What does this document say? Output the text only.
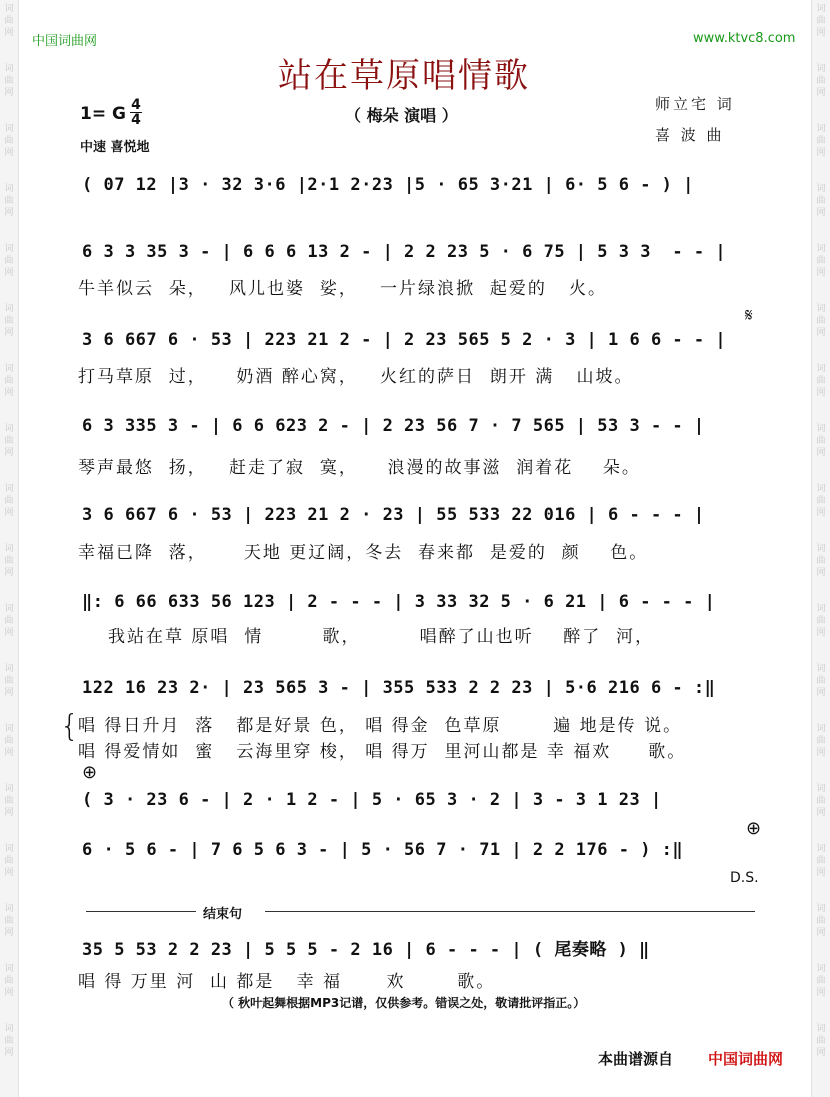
中国词曲网	www.ktvc8.com
站在草原唱情歌
（ 梅朵 演唱 ）
师立宅 词
喜 波 曲
1= G 4
4
中速 喜悦地
( 07 12 |3 · 32 3·6 |2·1 2·23 |5 · 65 3·21 | 6· 5 6 - ) |
6 3 3 35 3 - | 6 6 6 13 2 - | 2 2 23 5 · 6 75 | 5 3 3  - - |
牛羊似云  朵，   风儿也婆  娑，   一片绿浪掀  起爱的   火。
3 6 667 6 · 53 | 223 21 2 - | 2 23 565 5 2 · 3 | 1 6 6 - - |
打马草原  过，    奶酒 醉心窝，   火红的萨日  朗开 满   山坡。
𝄋
6 3 335 3 - | 6 6 623 2 - | 2 23 56 7 · 7 565 | 53 3 - - |
琴声最悠  扬，   赶走了寂  寞，    浪漫的故事滋  润着花    朵。
3 6 667 6 · 53 | 223 21 2 · 23 | 55 533 22 016 | 6 - - - |
幸福已降  落，     天地 更辽阔，冬去  春来都  是爱的  颜    色。
‖: 6 66 633 56 123 | 2 - - - | 3 33 32 5 · 6 21 | 6 - - - |
我站在草 原唱  情        歌，        唱醉了山也听    醉了  河，
122 16 23 2· | 23 565 3 - | 355 533 2 2 23 | 5·6 216 6 - :‖
{
唱 得日升月  落   都是好景 色， 唱 得金  色草原       遍 地是传 说。
唱 得爱情如  蜜   云海里穿 梭， 唱 得万  里河山都是 幸 福欢     歌。
⊕
( 3 · 23 6 - | 2 · 1 2 - | 5 · 65 3 · 2 | 3 - 3 1 23 |
⊕
6 · 5 6 - | 7 6 5 6 3 - | 5 · 56 7 · 71 | 2 2 176 - ) :‖
D.S.
结束句
35 5 53 2 2 23 | 5 5 5 - 2 16 | 6 - - - | ( 尾奏略 ) ‖
唱 得 万里 河  山 都是   幸 福      欢       歌。
（ 秋叶起舞根据MP3记谱，仅供参考。错误之处，敬请批评指正。）
本曲谱源自 中国词曲网
词
曲
网
词
曲
网
词
曲
网
词
曲
网
词
曲
网
词
曲
网
词
曲
网
词
曲
网
词
曲
网
词
曲
网
词
曲
网
词
曲
网
词
曲
网
词
曲
网
词
曲
网
词
曲
网
词
曲
网
词
曲
网
词
曲
网
词
曲
网
词
曲
网
词
曲
网
词
曲
网
词
曲
网
词
曲
网
词
曲
网
词
曲
网
词
曲
网
词
曲
网
词
曲
网
词
曲
网
词
曲
网
词
曲
网
词
曲
网
词
曲
网
词
曲
网
